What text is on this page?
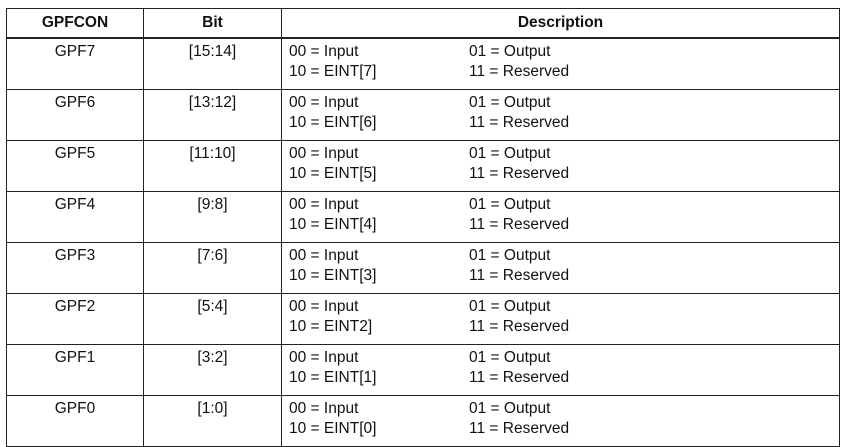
GPFCON	Bit	Description
GPF7	[15:14]	00 = Input 01 = Output
10 = EINT[7] 11 = Reserved

GPF6	[13:12]	00 = Input 01 = Output
10 = EINT[6] 11 = Reserved

GPF5	[11:10]	00 = Input 01 = Output
10 = EINT[5] 11 = Reserved

GPF4	[9:8]	00 = Input 01 = Output
10 = EINT[4] 11 = Reserved

GPF3	[7:6]	00 = Input 01 = Output
10 = EINT[3] 11 = Reserved

GPF2	[5:4]	00 = Input 01 = Output
10 = EINT2] 11 = Reserved

GPF1	[3:2]	00 = Input 01 = Output
10 = EINT[1] 11 = Reserved

GPF0	[1:0]	00 = Input 01 = Output
10 = EINT[0] 11 = Reserved
